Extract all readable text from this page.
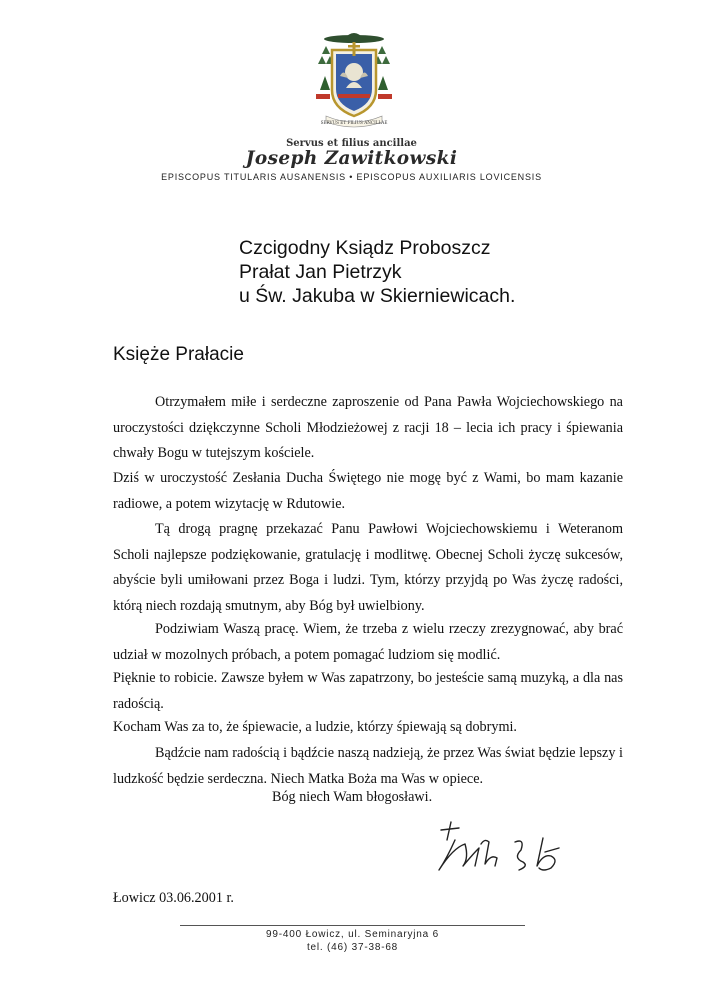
SERVUS ET FILIUS ANCILLAE
Servus et filius ancillae
Joseph Zawitkowski
EPISCOPUS TITULARIS AUSANENSIS • EPISCOPUS AUXILIARIS LOVICENSIS
Czcigodny Ksiądz Proboszcz
Prałat Jan Pietrzyk
u Św. Jakuba w Skierniewicach.
Księże Prałacie
Otrzymałem miłe i serdeczne zaproszenie od Pana Pawła Wojciechowskiego na uroczystości dziękczynne Scholi Młodzieżowej z racji 18 – lecia ich pracy i śpiewania chwały Bogu w tutejszym kościele.
Dziś w uroczystość Zesłania Ducha Świętego nie mogę być z Wami, bo mam kazanie radiowe, a potem wizytację w Rdutowie.
Tą drogą pragnę przekazać Panu Pawłowi Wojciechowskiemu i Weteranom Scholi najlepsze podziękowanie, gratulację i modlitwę. Obecnej Scholi życzę sukcesów, abyście byli umiłowani przez Boga i ludzi. Tym, którzy przyjdą po Was życzę radości, którą niech rozdają smutnym, aby Bóg był uwielbiony.
Podziwiam Waszą pracę. Wiem, że trzeba z wielu rzeczy zrezygnować, aby brać udział w mozolnych próbach, a potem pomagać ludziom się modlić.
Pięknie to robicie. Zawsze byłem w Was zapatrzony, bo jesteście samą muzyką, a dla nas radością.
Kocham Was za to, że śpiewacie, a ludzie, którzy śpiewają są dobrymi.
Bądźcie nam radością i bądźcie naszą nadzieją, że przez Was świat będzie lepszy i ludzkość będzie serdeczna. Niech Matka Boża ma Was w opiece.
Bóg niech Wam błogosławi.
Łowicz 03.06.2001 r.
99-400 Łowicz, ul. Seminaryjna 6
tel. (46) 37-38-68
